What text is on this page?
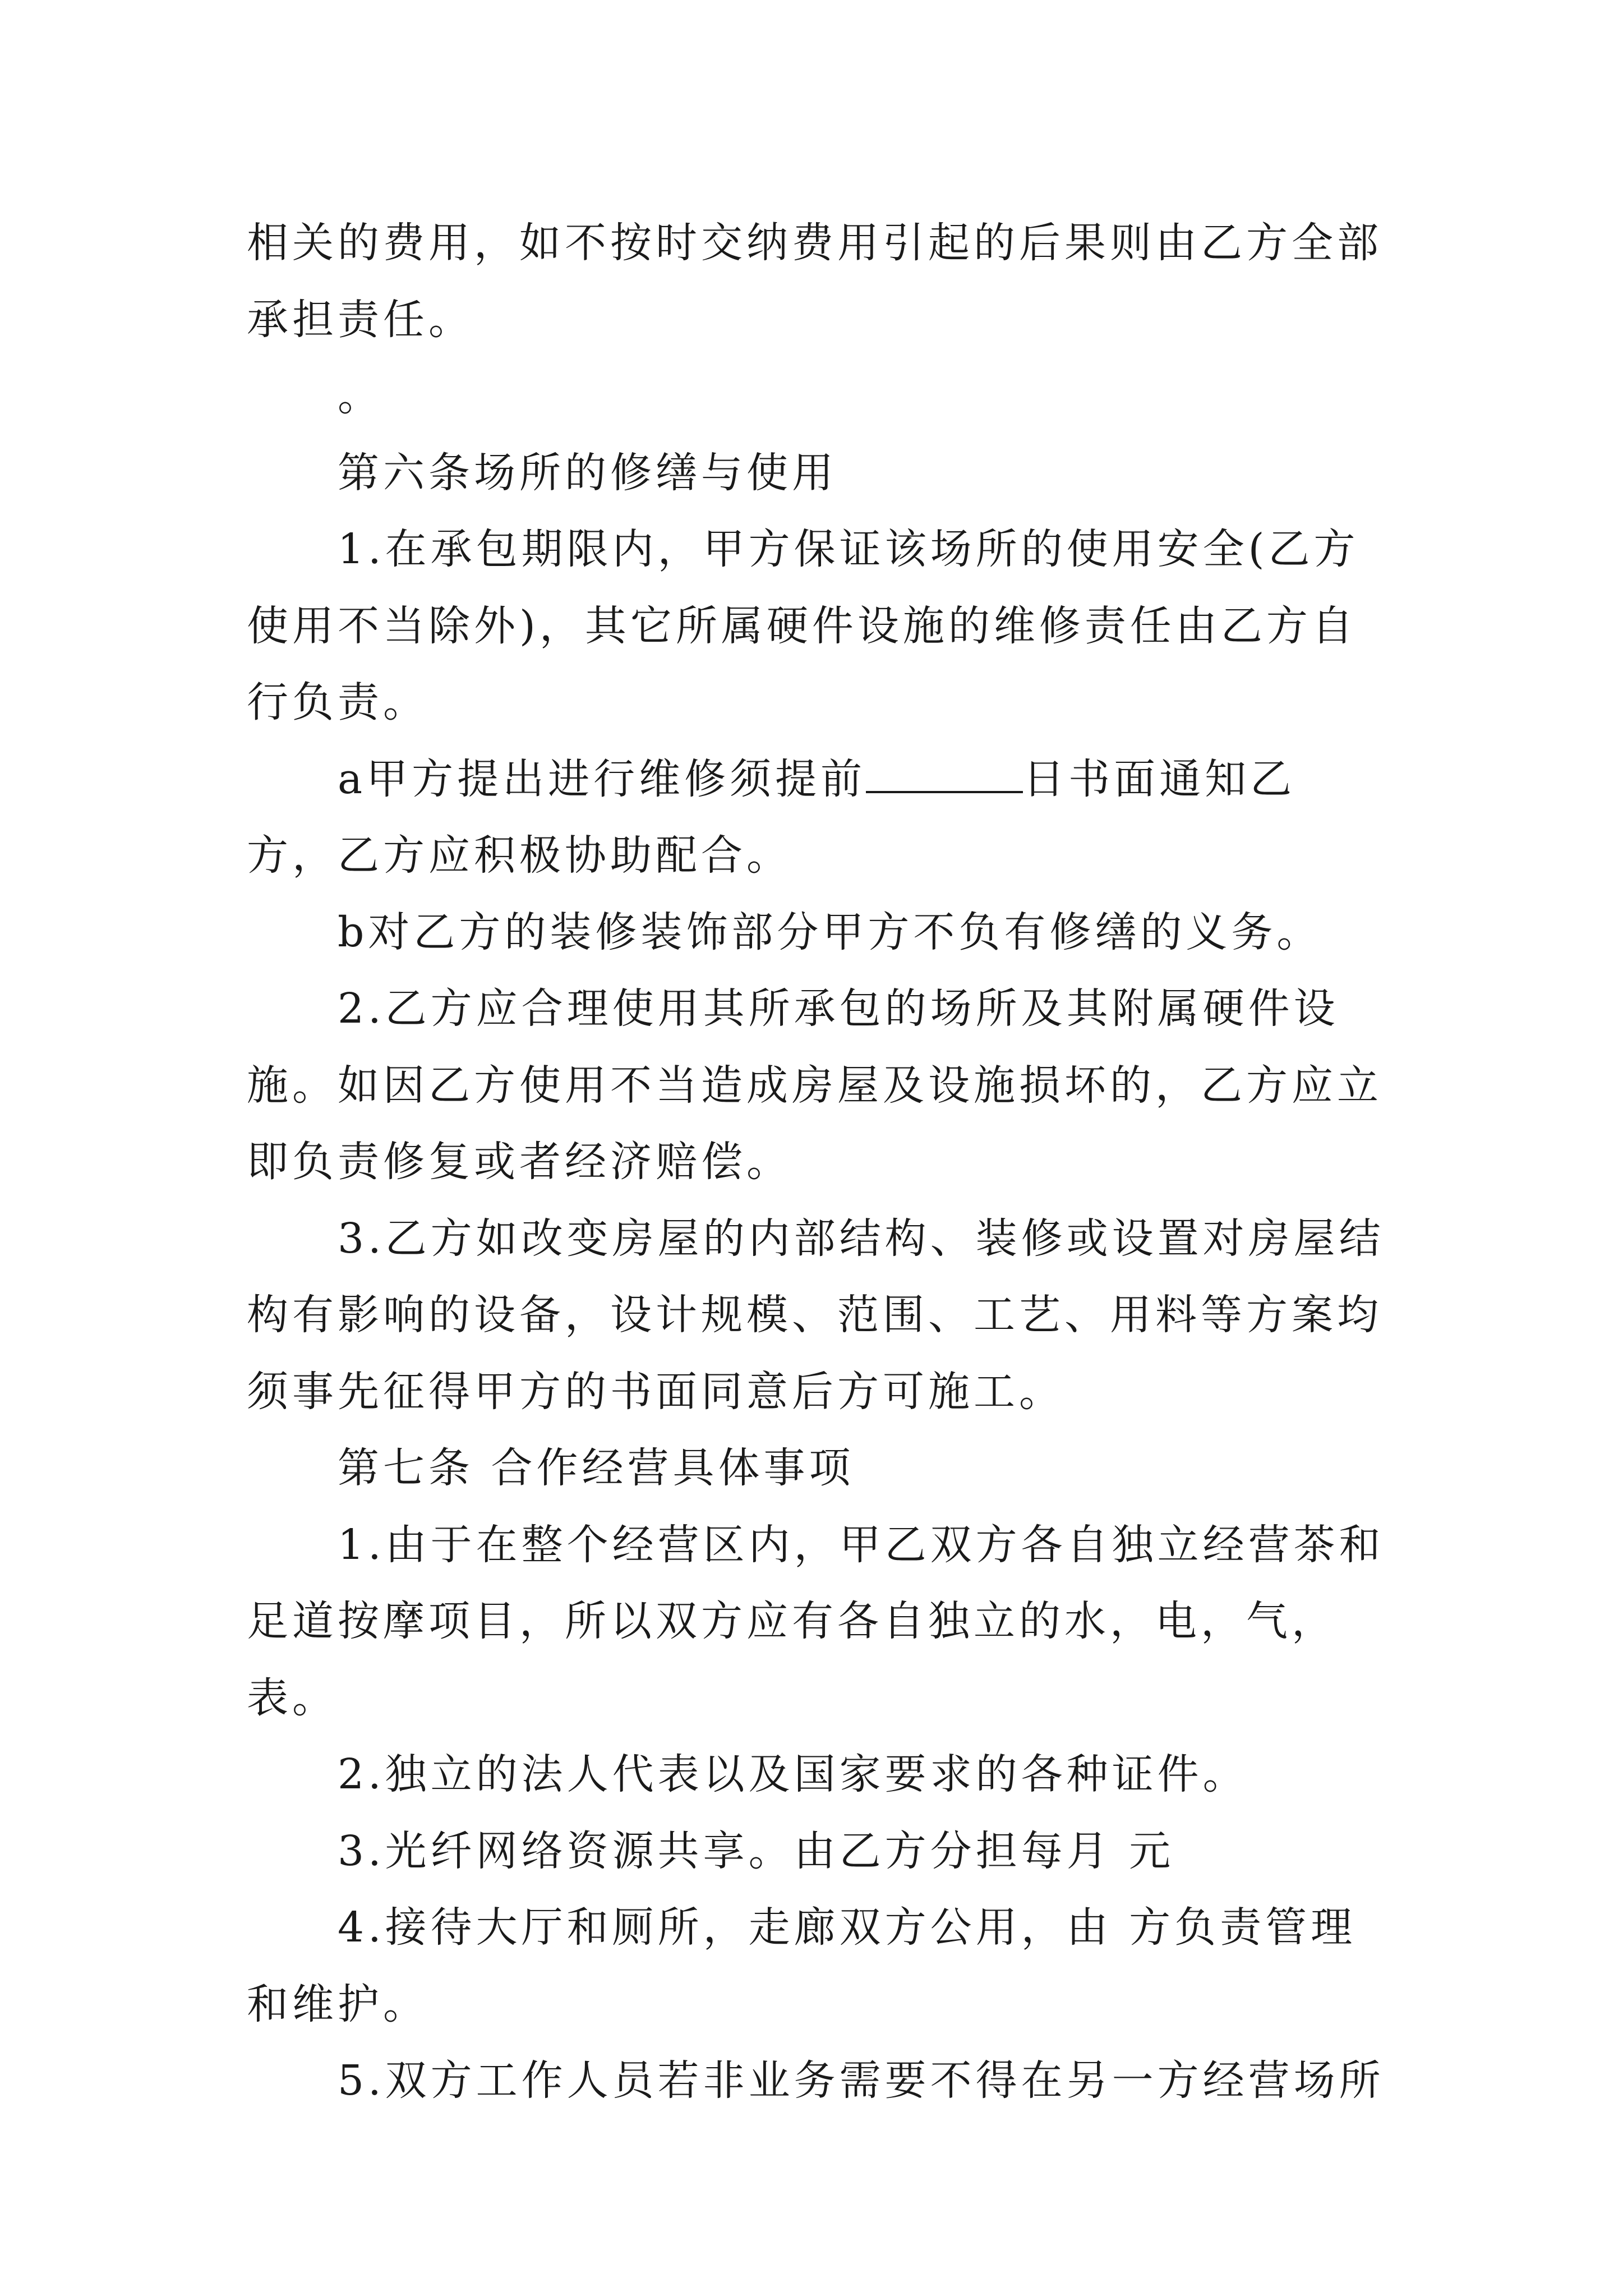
相关的费用，如不按时交纳费用引起的后果则由乙方全部承担责任。

。

第六条场所的修缮与使用

1.在承包期限内，甲方保证该场所的使用安全(乙方使用不当除外)，其它所属硬件设施的维修责任由乙方自行负责。

a甲方提出进行维修须提前	日书面通知乙方，乙方应积极协助配合。

b对乙方的装修装饰部分甲方不负有修缮的义务。

2.乙方应合理使用其所承包的场所及其附属硬件设施。如因乙方使用不当造成房屋及设施损坏的，乙方应立即负责修复或者经济赔偿。

3.乙方如改变房屋的内部结构、装修或设置对房屋结构有影响的设备，设计规模、范围、工艺、用料等方案均须事先征得甲方的书面同意后方可施工。

第七条 合作经营具体事项

1.由于在整个经营区内，甲乙双方各自独立经营茶和足道按摩项目，所以双方应有各自独立的水，电，气，表。

2.独立的法人代表以及国家要求的各种证件。

3.光纤网络资源共享。由乙方分担每月 元

4.接待大厅和厕所，走廊双方公用，由 方负责管理和维护。

5.双方工作人员若非业务需要不得在另一方经营场所
